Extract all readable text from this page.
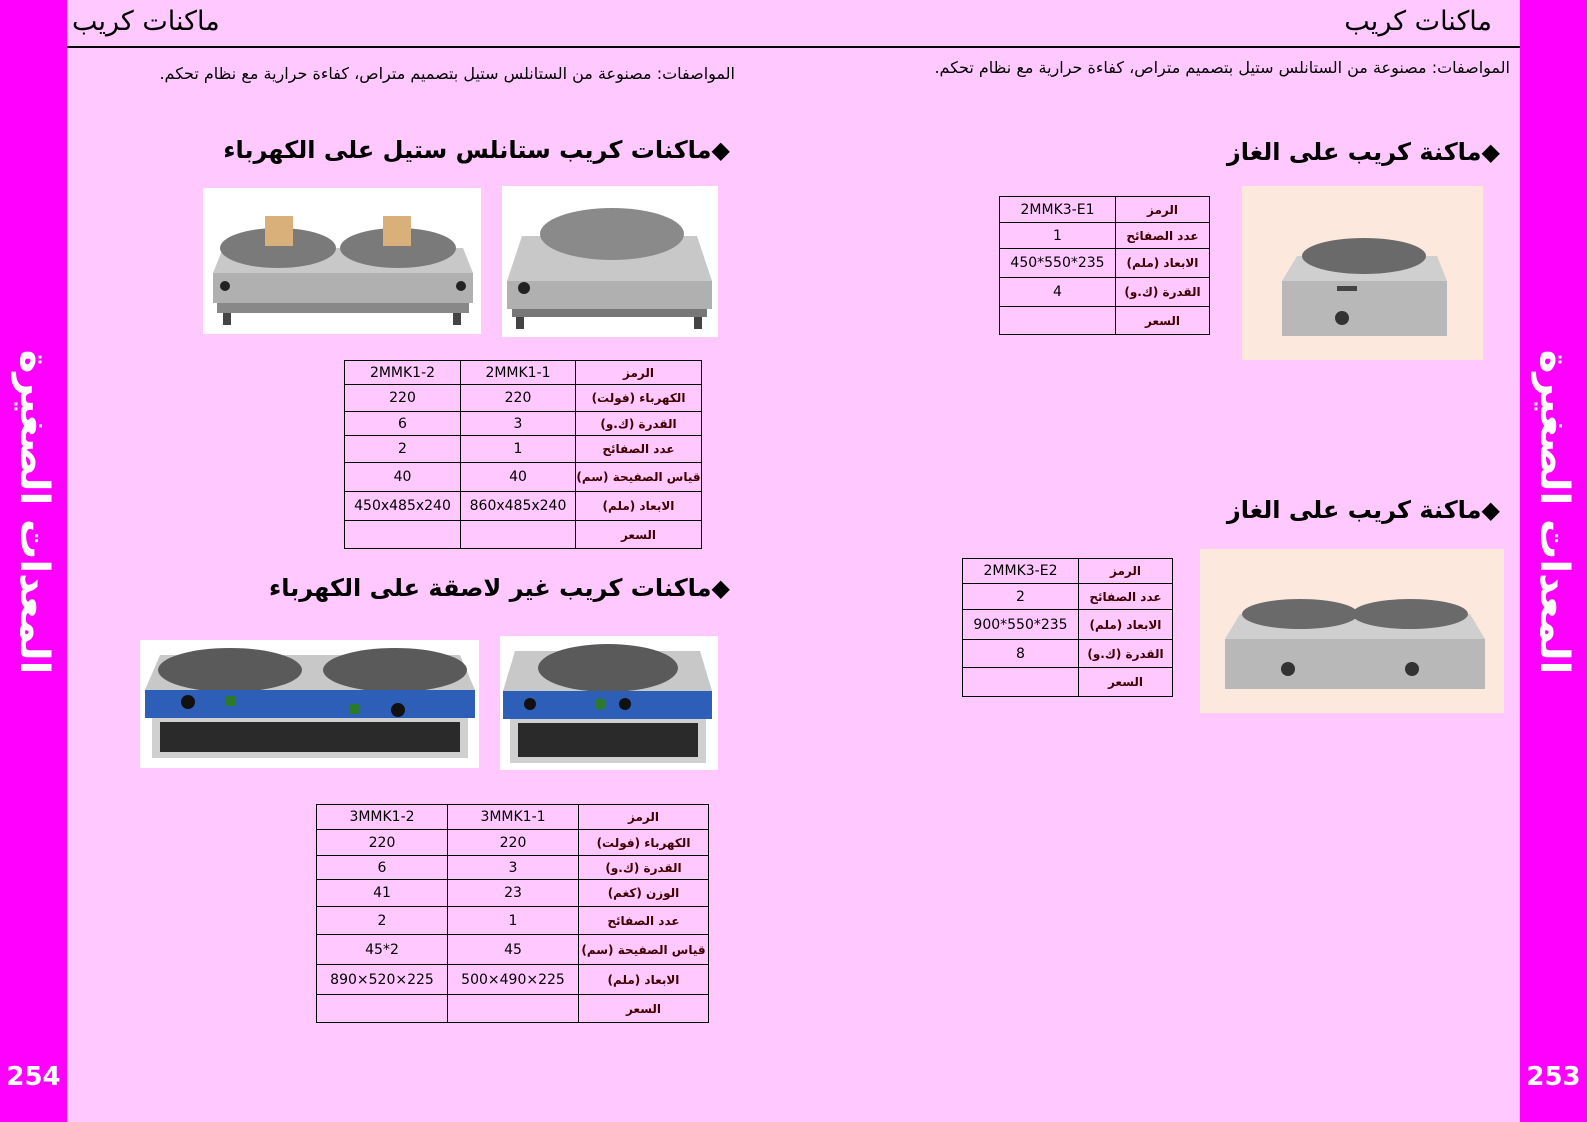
المعدات الصغيرة
254
المعدات الصغيرة
253
ماكنات كريب	ماكنات كريب
المواصفات: مصنوعة من الستانلس ستيل بتصميم متراص، كفاءة حرارية مع نظام تحكم.	المواصفات: مصنوعة من الستانلس ستيل بتصميم متراص، كفاءة حرارية مع نظام تحكم.
◆ماكنات كريب ستانلس ستيل على الكهرباء
2MMK1-2	2MMK1-1	الرمز
220	220	الكهرباء (فولت)
6	3	القدرة (ك.و)
2	1	عدد الصفائح
40	40	قياس الصفيحة (سم)
450x485x240	860x485x240	الابعاد (ملم)
		السعر
◆ماكنات كريب غير لاصقة على الكهرباء
3MMK1-2	3MMK1-1	الرمز
220	220	الكهرباء (فولت)
6	3	القدرة (ك.و)
41	23	الوزن (كغم)
2	1	عدد الصفائح
45*2	45	قياس الصفيحة (سم)
890×520×225	500×490×225	الابعاد (ملم)
		السعر
◆ماكنة كريب على الغاز
2MMK3-E1	الرمز
1	عدد الصفائح
450*550*235	الابعاد (ملم)
4	القدرة (ك.و)
	السعر
◆ماكنة كريب على الغاز
2MMK3-E2	الرمز
2	عدد الصفائح
900*550*235	الابعاد (ملم)
8	القدرة (ك.و)
	السعر
